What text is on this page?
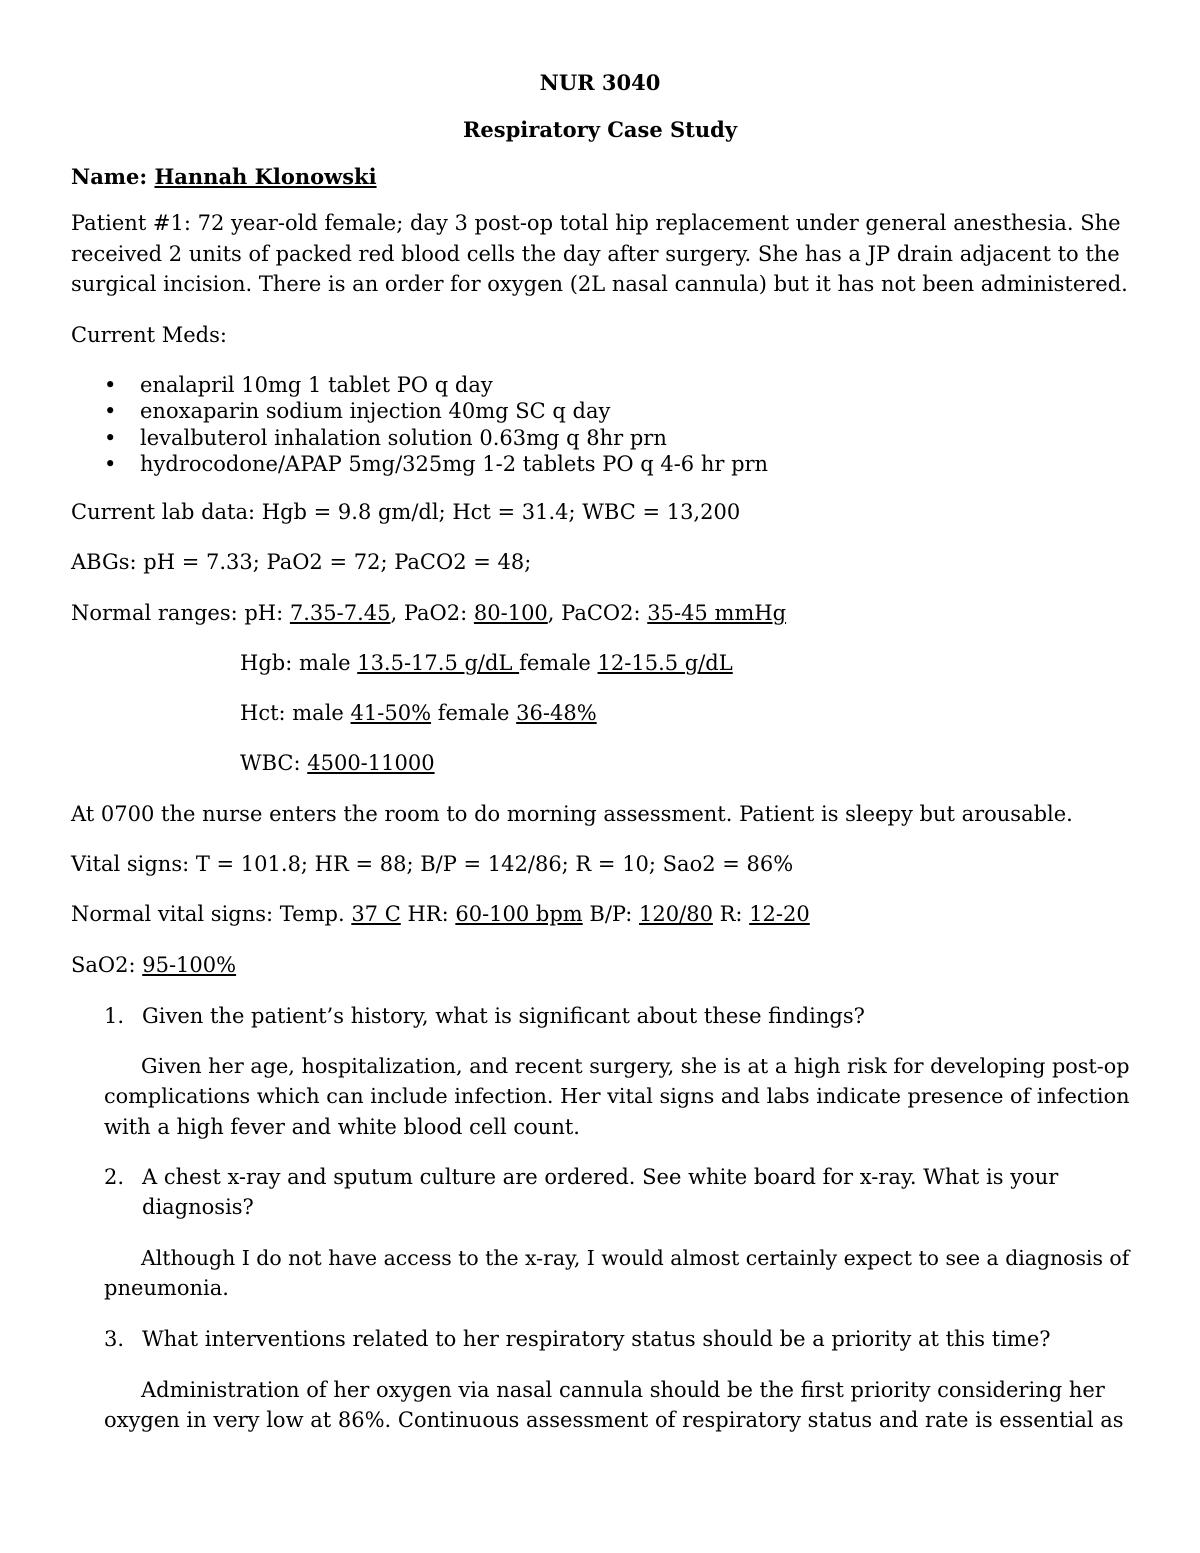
NUR 3040
Respiratory Case Study
Name: Hannah Klonowski
Patient #1: 72 year-old female; day 3 post-op total hip replacement under general anesthesia. She
received 2 units of packed red blood cells the day after surgery. She has a JP drain adjacent to the
surgical incision. There is an order for oxygen (2L nasal cannula) but it has not been administered.
Current Meds:
• enalapril 10mg 1 tablet PO q day
• enoxaparin sodium injection 40mg SC q day
• levalbuterol inhalation solution 0.63mg q 8hr prn
• hydrocodone/APAP 5mg/325mg 1-2 tablets PO q 4-6 hr prn
Current lab data: Hgb = 9.8 gm/dl; Hct = 31.4; WBC = 13,200
ABGs: pH = 7.33; PaO2 = 72; PaCO2 = 48;
Normal ranges: pH: 7.35-7.45, PaO2: 80-100, PaCO2: 35-45 mmHg
Hgb: male 13.5-17.5 g/dL female 12-15.5 g/dL
Hct: male 41-50% female 36-48%
WBC: 4500-11000
At 0700 the nurse enters the room to do morning assessment. Patient is sleepy but arousable.
Vital signs: T = 101.8; HR = 88; B/P = 142/86; R = 10; Sao2 = 86%
Normal vital signs: Temp. 37 C HR: 60-100 bpm B/P: 120/80 R: 12-20
SaO2: 95-100%
1. Given the patient’s history, what is significant about these findings?
Given her age, hospitalization, and recent surgery, she is at a high risk for developing post-op
complications which can include infection. Her vital signs and labs indicate presence of infection
with a high fever and white blood cell count.
2. A chest x-ray and sputum culture are ordered. See white board for x-ray. What is your
diagnosis?
Although I do not have access to the x-ray, I would almost certainly expect to see a diagnosis of
pneumonia.
3. What interventions related to her respiratory status should be a priority at this time?
Administration of her oxygen via nasal cannula should be the first priority considering her
oxygen in very low at 86%. Continuous assessment of respiratory status and rate is essential as
